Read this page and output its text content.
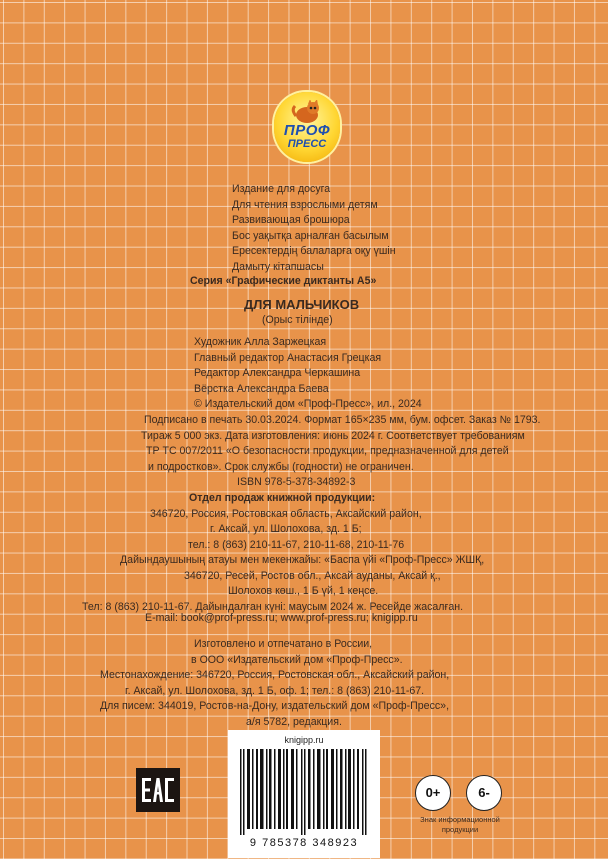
ПРОФ
ПРЕСС
Издание для досуга
Для чтения взрослыми детям
Развивающая брошюра
Бос уақытқа арналған басылым
Ересектердің балаларға оқу үшін
Дамыту кітапшасы
Серия «Графические диктанты А5»
ДЛЯ МАЛЬЧИКОВ
(Орыс тілінде)
Художник Алла Заржецкая
Главный редактор Анастасия Грецкая
Редактор Александра Черкашина
Вёрстка Александра Баева
© Издательский дом «Проф-Пресс», ил., 2024
Подписано в печать 30.03.2024. Формат 165×235 мм, бум. офсет. Заказ № 1793.
Тираж 5 000 экз. Дата изготовления: июнь 2024 г. Соответствует требованиям
ТР ТС 007/2011 «О безопасности продукции, предназначенной для детей
и подростков». Срок службы (годности) не ограничен.
ISBN 978-5-378-34892-3
Отдел продаж книжной продукции:
346720, Россия, Ростовская область, Аксайский район,
г. Аксай, ул. Шолохова, зд. 1 Б;
тел.: 8 (863) 210-11-67, 210-11-68, 210-11-76
Дайындаушының атауы мен мекенжайы: «Баспа үйі «Проф-Пресс» ЖШҚ,
346720, Ресей, Ростов обл., Аксай ауданы, Аксай қ.,
Шолохов көш., 1 Б үй, 1 кеңсе.
Тел: 8 (863) 210-11-67. Дайындалған күні: маусым 2024 ж. Ресейде жасалған.
E-mail: book@prof-press.ru; www.prof-press.ru; knigipp.ru
Изготовлено и отпечатано в России,
в ООО «Издательский дом «Проф-Пресс».
Местонахождение: 346720, Россия, Ростовская обл., Аксайский район,
г. Аксай, ул. Шолохова, зд. 1 Б, оф. 1; тел.: 8 (863) 210-11-67.
Для писем: 344019, Ростов-на-Дону, издательский дом «Проф-Пресс»,
а/я 5782, редакция.
knigipp.ru
9 785378 348923
0+	6-
Знак информационной
продукции
